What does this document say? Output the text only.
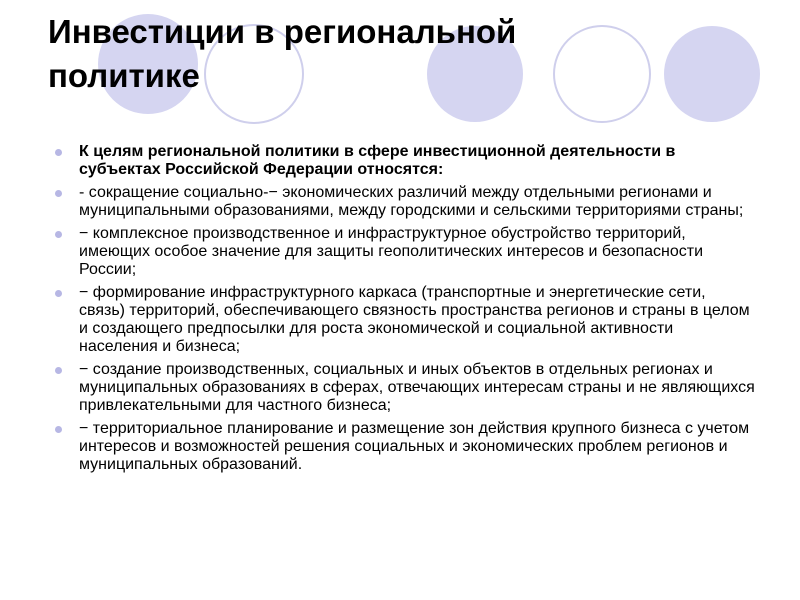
Инвестиции в региональной
политике
К целям региональной политики в сфере инвестиционной деятельности в субъектах Российской Федерации относятся:
- сокращение социально-− экономических различий между отдельными регионами и муниципальными образованиями, между городскими и сельскими территориями страны;
− комплексное производственное и инфраструктурное обустройство территорий, имеющих особое значение для защиты геополитических интересов и безопасности России;
− формирование инфраструктурного каркаса (транспортные и энергетические сети, связь) территорий, обеспечивающего связность пространства регионов и страны в целом и создающего предпосылки для роста экономической и социальной активности населения и бизнеса;
− создание производственных, социальных и иных объектов в отдельных регионах и муниципальных образованиях в сферах, отвечающих интересам страны и не являющихся привлекательными для частного бизнеса;
− территориальное планирование и размещение зон действия крупного бизнеса с учетом интересов и возможностей решения социальных и экономических проблем регионов и муниципальных образований.
